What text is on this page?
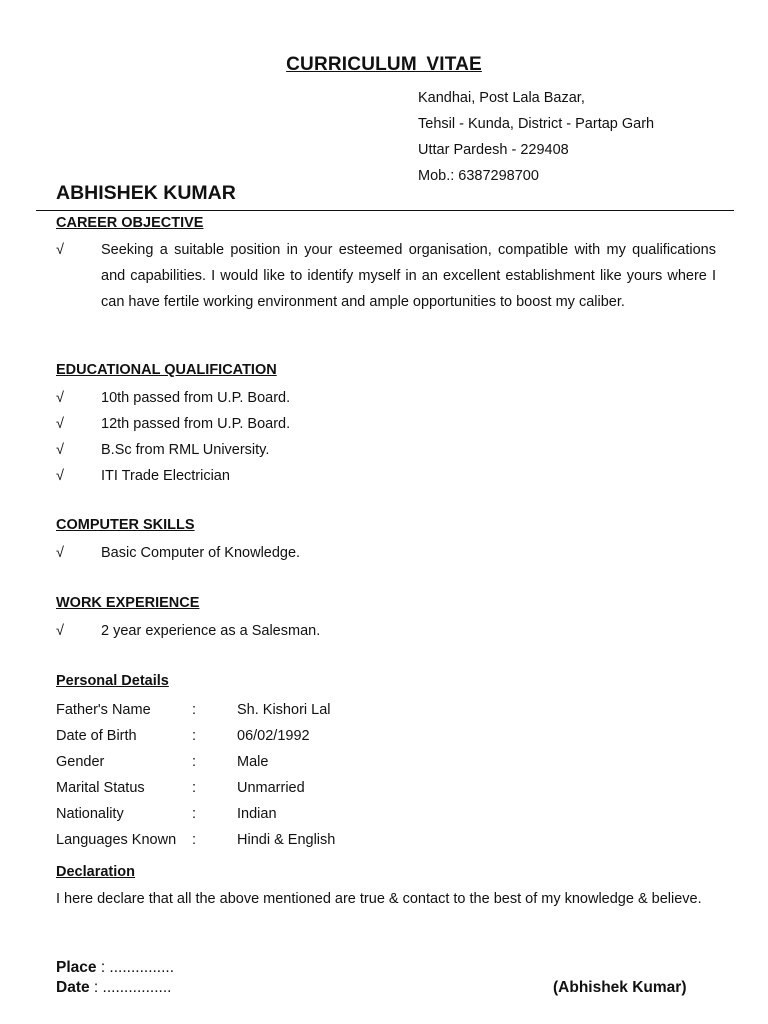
CURRICULUM VITAE
Kandhai, Post Lala Bazar,
Tehsil - Kunda, District - Partap Garh
Uttar Pardesh - 229408
Mob.: 6387298700
ABHISHEK KUMAR
CAREER OBJECTIVE
√	Seeking a suitable position in your esteemed organisation, compatible with my qualifications and capabilities. I would like to identify myself in an excellent establishment like yours where I can have fertile working environment and ample opportunities to boost my caliber.
EDUCATIONAL QUALIFICATION
√	10th passed from U.P. Board.
√	12th passed from U.P. Board.
√	B.Sc from RML University.
√	ITI Trade Electrician
COMPUTER SKILLS
√	Basic Computer of Knowledge.
WORK EXPERIENCE
√	2 year experience as a Salesman.
Personal Details
Father's Name	:	Sh. Kishori Lal
Date of Birth	:	06/02/1992
Gender	:	Male
Marital Status	:	Unmarried
Nationality	:	Indian
Languages Known :	Hindi & English
Declaration
I here declare that all the above mentioned are true & contact to the best of my knowledge & believe.
Place : ...............
Date : ................	(Abhishek Kumar)
